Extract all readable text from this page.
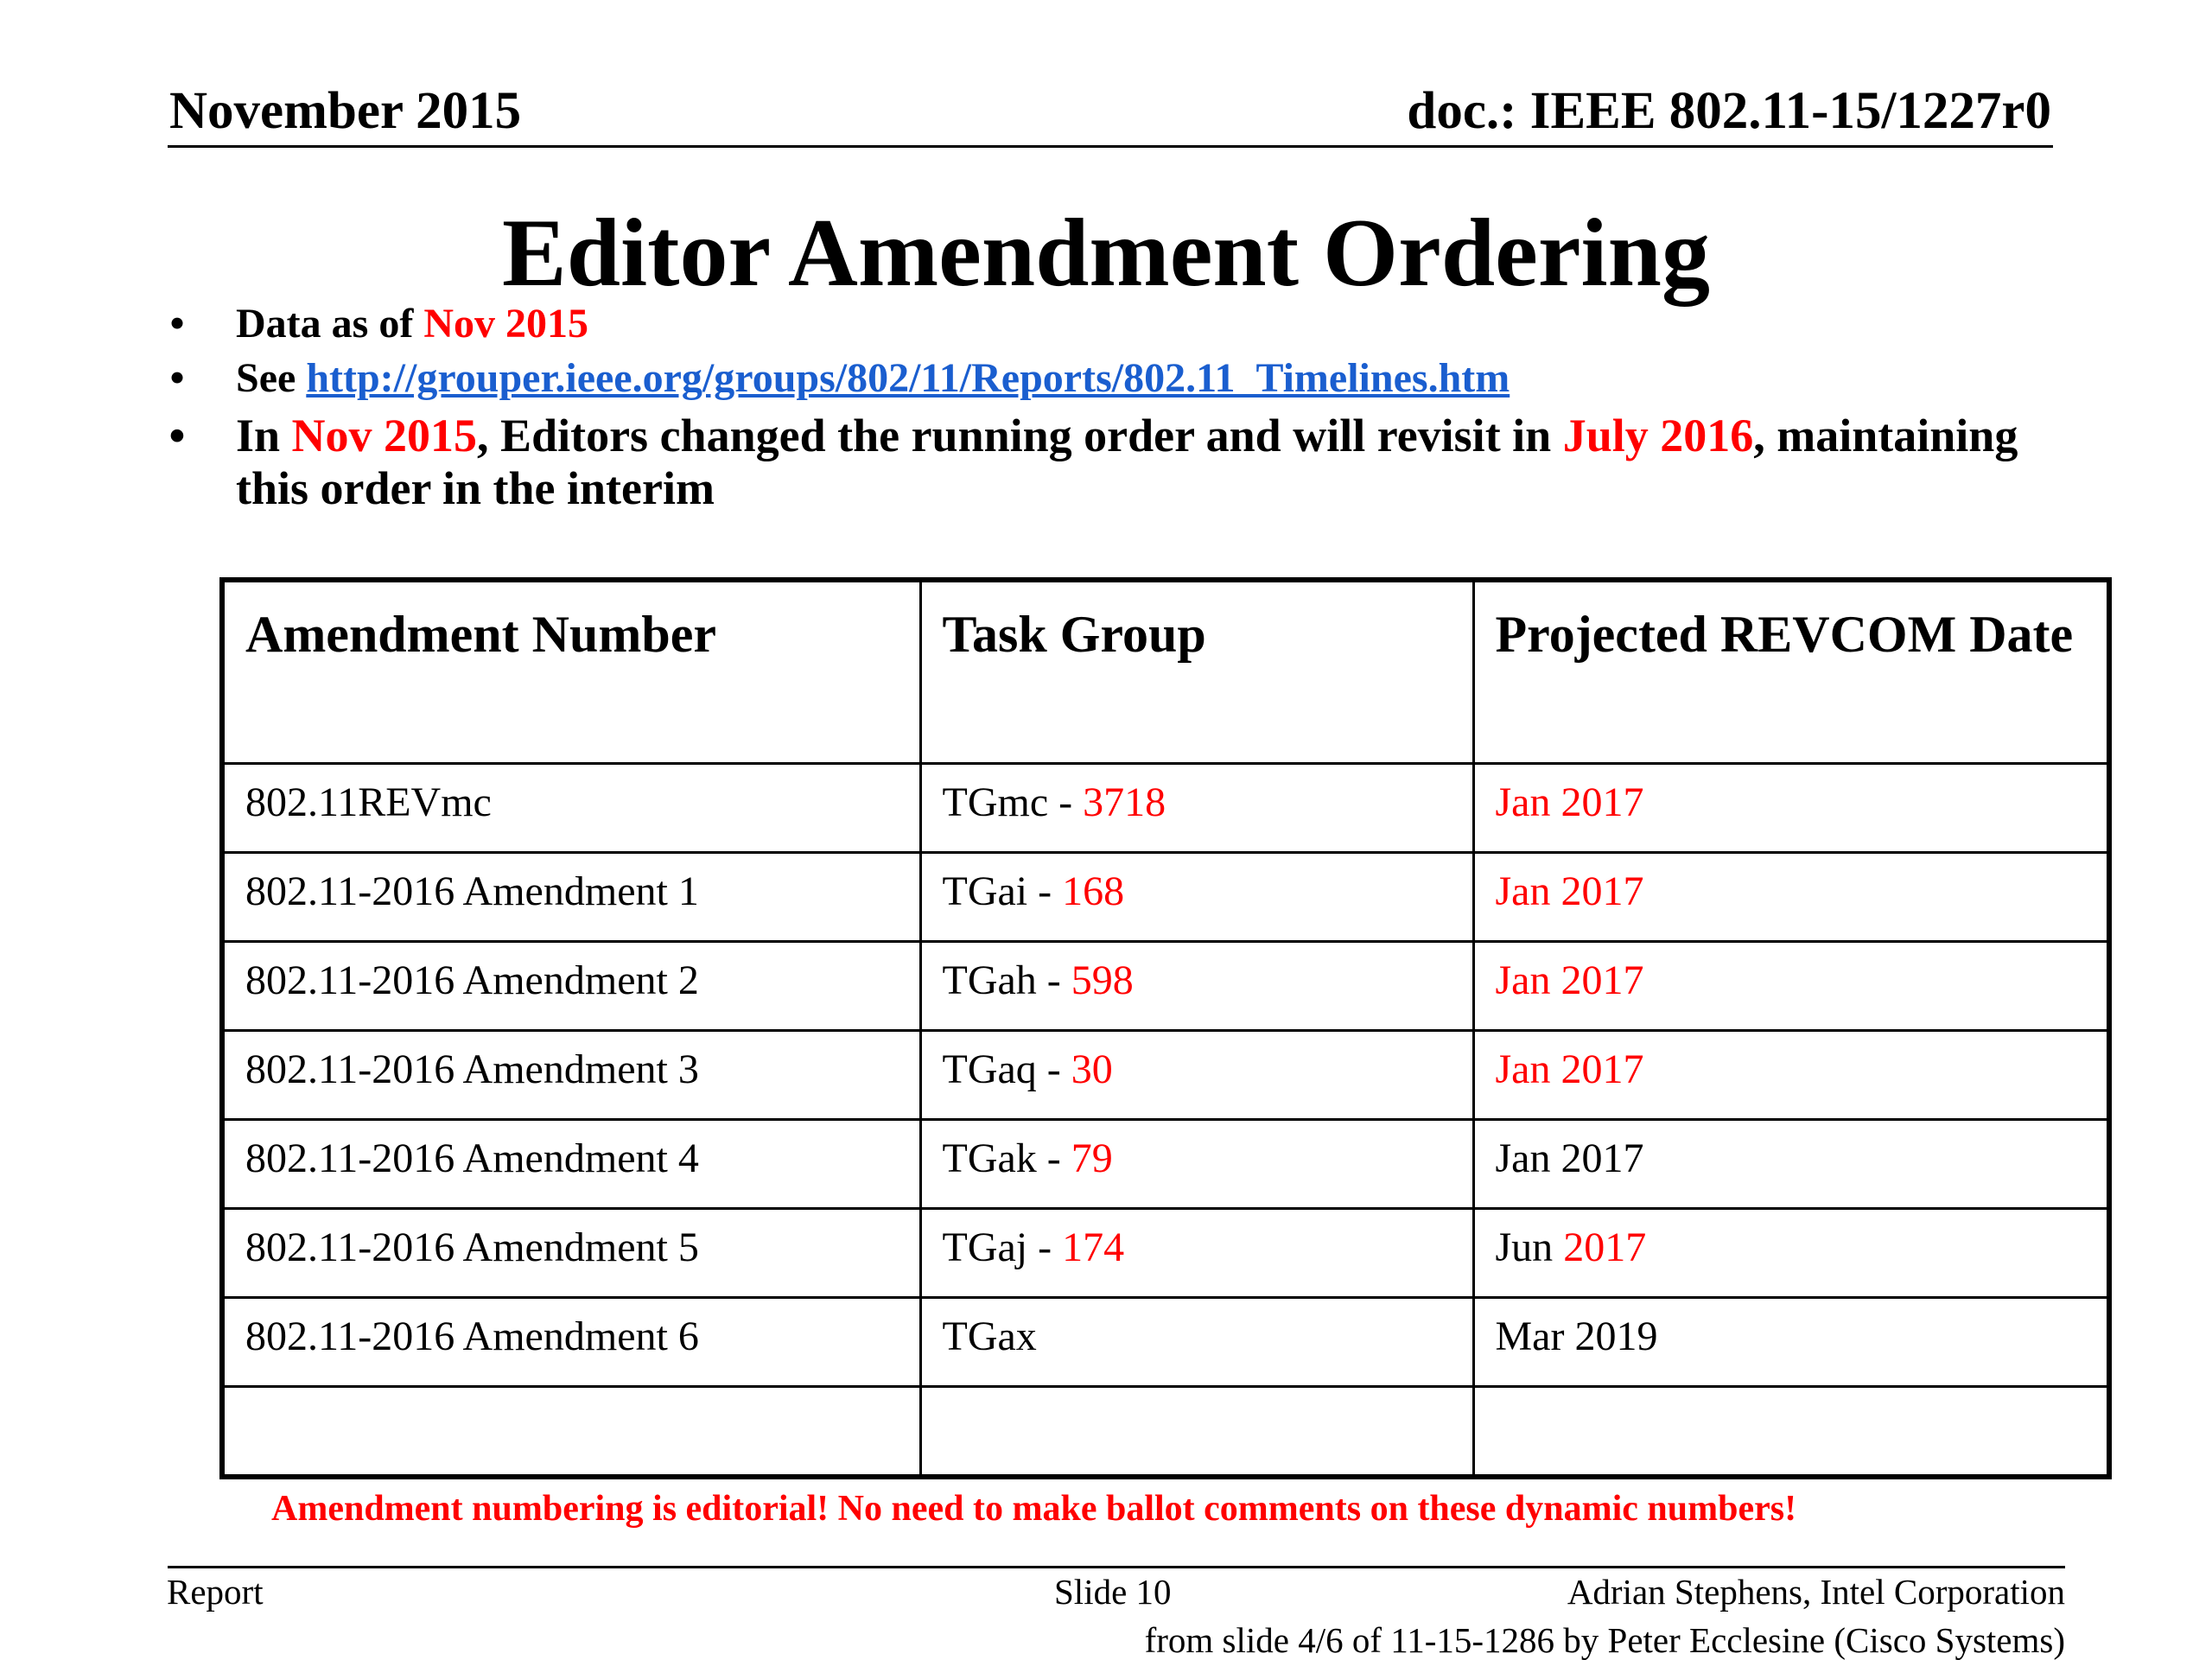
November 2015	doc.: IEEE 802.11-15/1227r0
Editor Amendment Ordering
•	Data as of Nov 2015
•	See http://grouper.ieee.org/groups/802/11/Reports/802.11_Timelines.htm
•	In Nov 2015, Editors changed the running order and will revisit in July 2016, maintaining this order in the interim
Amendment Number	Task Group	Projected REVCOM Date
802.11REVmc	TGmc - 3718	Jan 2017
802.11-2016 Amendment 1	TGai - 168	Jan 2017
802.11-2016 Amendment 2	TGah - 598	Jan 2017
802.11-2016 Amendment 3	TGaq - 30	Jan 2017
802.11-2016 Amendment 4	TGak - 79	Jan 2017
802.11-2016 Amendment 5	TGaj - 174	Jun 2017
802.11-2016 Amendment 6	TGax	Mar 2019

Amendment numbering is editorial! No need to make ballot comments on these dynamic numbers!
Report	Slide 10	Adrian Stephens, Intel Corporation
from slide 4/6 of 11-15-1286 by Peter Ecclesine (Cisco Systems)
